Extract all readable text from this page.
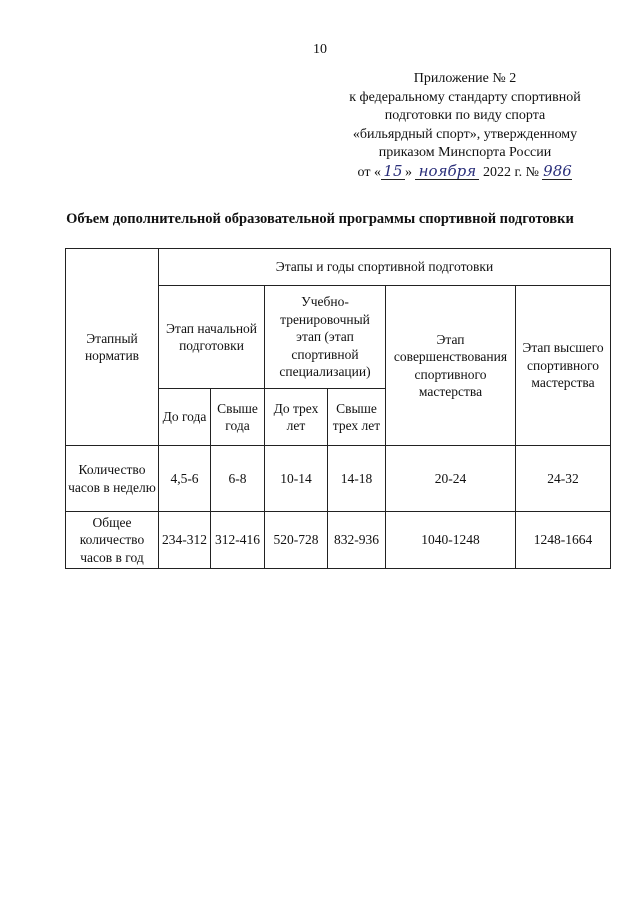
10
Приложение № 2
к федеральному стандарту спортивной
подготовки по виду спорта
«бильярдный спорт», утвержденному
приказом Минспорта России
от « 15 » ноября 2022 г. № 986
Объем дополнительной образовательной программы спортивной подготовки
Этапный норматив	Этапы и годы спортивной подготовки					
	Этап начальной подготовки		Учебно-тренировочный этап (этап спортивной специализации)		Этап совершенствования спортивного мастерства	Этап высшего спортивного мастерства
	До года	Свыше года	До трех лет	Свыше трех лет		
Количество часов в неделю	4,5-6	6-8	10-14	14-18	20-24	24-32
Общее количество часов в год	234-312	312-416	520-728	832-936	1040-1248	1248-1664
